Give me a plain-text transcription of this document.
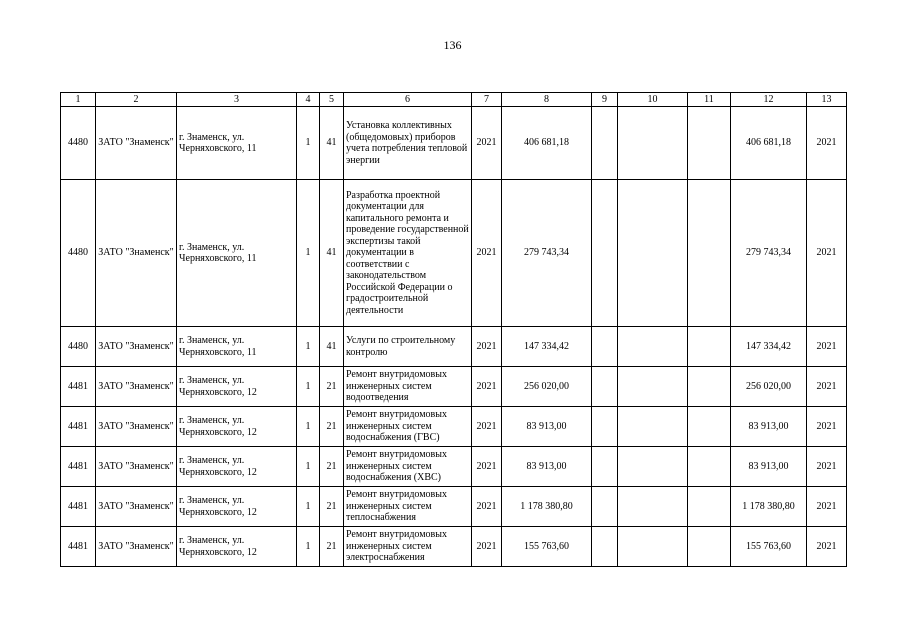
136
1	2	3	4	5	6	7	8	9	10	11	12	13
4480	ЗАТО "Знаменск"	г. Знаменск, ул. Черняховского, 11	1	41	Установка коллективных (общедомовых) приборов учета потребления тепловой энергии	2021	406 681,18				406 681,18	2021
4480	ЗАТО "Знаменск"	г. Знаменск, ул. Черняховского, 11	1	41	Разработка проектной документации для капитального ремонта и проведение государственной экспертизы такой документации в соответствии с законодательством Российской Федерации о градостроительной деятельности	2021	279 743,34				279 743,34	2021
4480	ЗАТО "Знаменск"	г. Знаменск, ул. Черняховского, 11	1	41	Услуги по строительному контролю	2021	147 334,42				147 334,42	2021
4481	ЗАТО "Знаменск"	г. Знаменск, ул. Черняховского, 12	1	21	Ремонт внутридомовых инженерных систем водоотведения	2021	256 020,00				256 020,00	2021
4481	ЗАТО "Знаменск"	г. Знаменск, ул. Черняховского, 12	1	21	Ремонт внутридомовых инженерных систем водоснабжения (ГВС)	2021	83 913,00				83 913,00	2021
4481	ЗАТО "Знаменск"	г. Знаменск, ул. Черняховского, 12	1	21	Ремонт внутридомовых инженерных систем водоснабжения (ХВС)	2021	83 913,00				83 913,00	2021
4481	ЗАТО "Знаменск"	г. Знаменск, ул. Черняховского, 12	1	21	Ремонт внутридомовых инженерных систем теплоснабжения	2021	1 178 380,80				1 178 380,80	2021
4481	ЗАТО "Знаменск"	г. Знаменск, ул. Черняховского, 12	1	21	Ремонт внутридомовых инженерных систем электроснабжения	2021	155 763,60				155 763,60	2021
